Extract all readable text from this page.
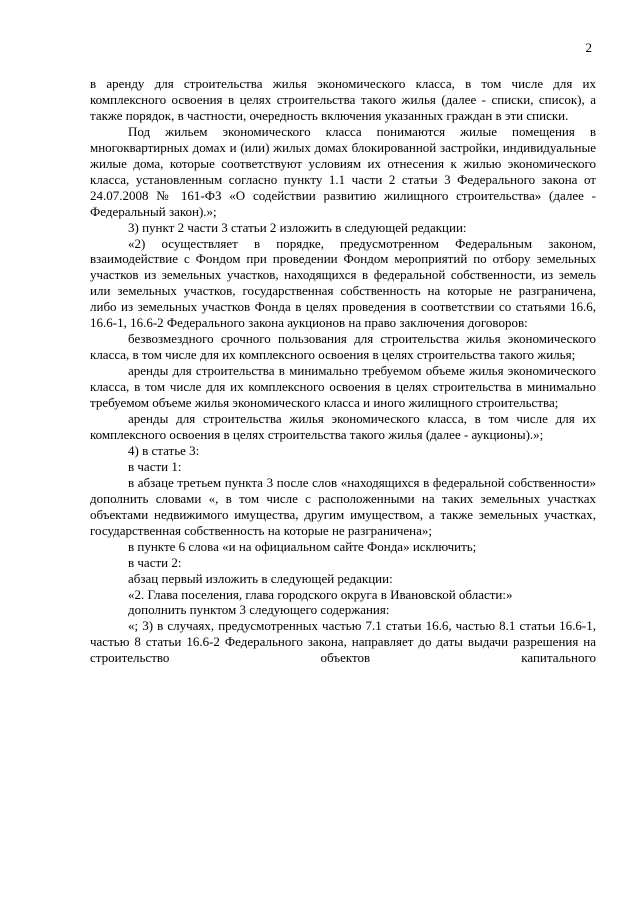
2

в аренду для строительства жилья экономического класса, в том числе для их комплексного освоения в целях строительства такого жилья (далее - списки, список), а также порядок, в частности, очередность включения указанных граждан в эти списки.

Под жильем экономического класса понимаются жилые помещения в многоквартирных домах и (или) жилых домах блокированной застройки, индивидуальные жилые дома, которые соответствуют условиям их отнесения к жилью экономического класса, установленным согласно пункту 1.1 части 2 статьи 3 Федерального закона от 24.07.2008 № 161-ФЗ «О содействии развитию жилищного строительства» (далее - Федеральный закон).»;

3) пункт 2 части 3 статьи 2 изложить в следующей редакции:

«2) осуществляет в порядке, предусмотренном Федеральным законом, взаимодействие с Фондом при проведении Фондом мероприятий по отбору земельных участков из земельных участков, находящихся в федеральной собственности, из земель или земельных участков, государственная собственность на которые не разграничена, либо из земельных участков Фонда в целях проведения в соответствии со статьями 16.6, 16.6-1, 16.6-2 Федерального закона аукционов на право заключения договоров:

безвозмездного срочного пользования для строительства жилья экономического класса, в том числе для их комплексного освоения в целях строительства такого жилья;

аренды для строительства в минимально требуемом объеме жилья экономического класса, в том числе для их комплексного освоения в целях строительства в минимально требуемом объеме жилья экономического класса и иного жилищного строительства;

аренды для строительства жилья экономического класса, в том числе для их комплексного освоения в целях строительства такого жилья (далее - аукционы).»;

4) в статье 3:

в части 1:

в абзаце третьем пункта 3 после слов «находящихся в федеральной собственности» дополнить словами «, в том числе с расположенными на таких земельных участках объектами недвижимого имущества, другим имуществом, а также земельных участках, государственная собственность на которые не разграничена»;

в пункте 6 слова «и на официальном сайте Фонда» исключить;

в части 2:

абзац первый изложить в следующей редакции:

«2. Глава поселения, глава городского округа в Ивановской области:»

дополнить пунктом 3 следующего содержания:

«; 3) в случаях, предусмотренных частью 7.1 статьи 16.6, частью 8.1 статьи 16.6-1, частью 8 статьи 16.6-2 Федерального закона, направляет до даты выдачи разрешения на строительство объектов капитального
